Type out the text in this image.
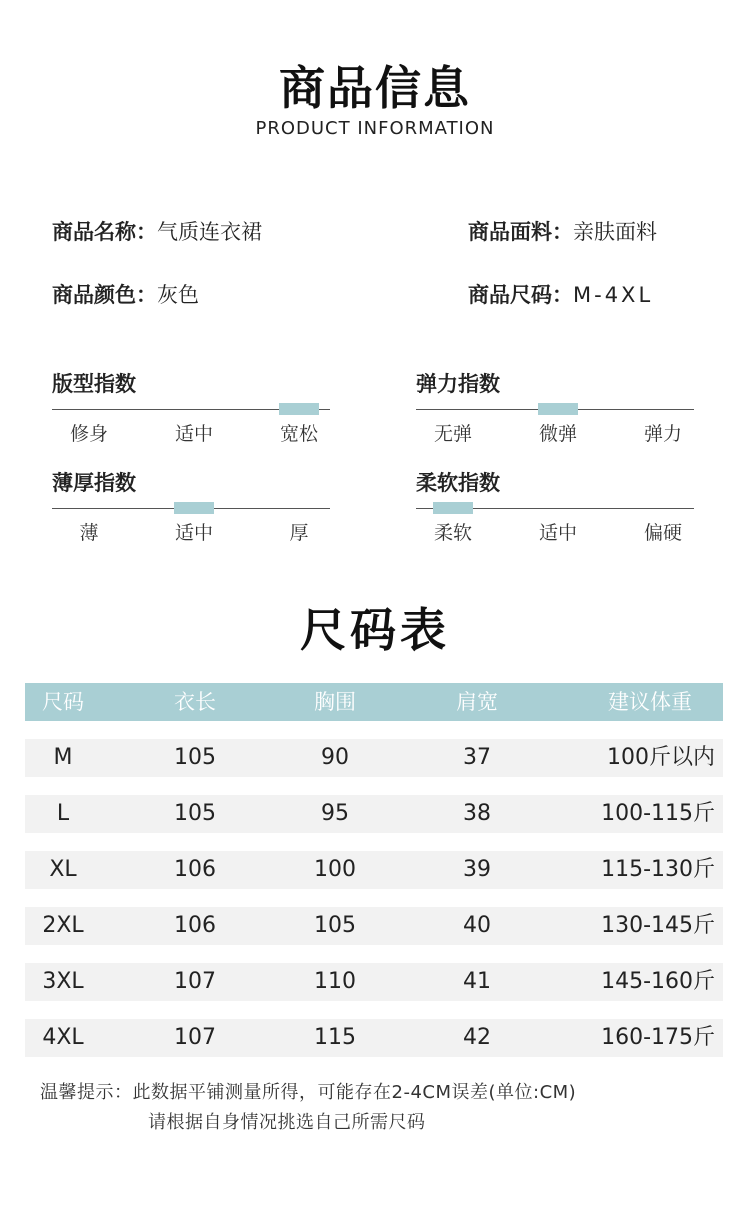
商品信息
PRODUCT INFORMATION
商品名称：气质连衣裙	商品面料：亲肤面料
商品颜色：灰色	商品尺码：M-4XL
版型指数
修身	适中	宽松
弹力指数
无弹	微弹	弹力
薄厚指数
薄	适中	厚
柔软指数
柔软	适中	偏硬
尺码表
尺码	衣长	胸围	肩宽	建议体重
M	105	90	37	100斤以内
L	105	95	38	100-115斤
XL	106	100	39	115-130斤
2XL	106	105	40	130-145斤
3XL	107	110	41	145-160斤
4XL	107	115	42	160-175斤
温馨提示：此数据平铺测量所得，可能存在2-4CM误差(单位:CM)
请根据自身情况挑选自己所需尺码
